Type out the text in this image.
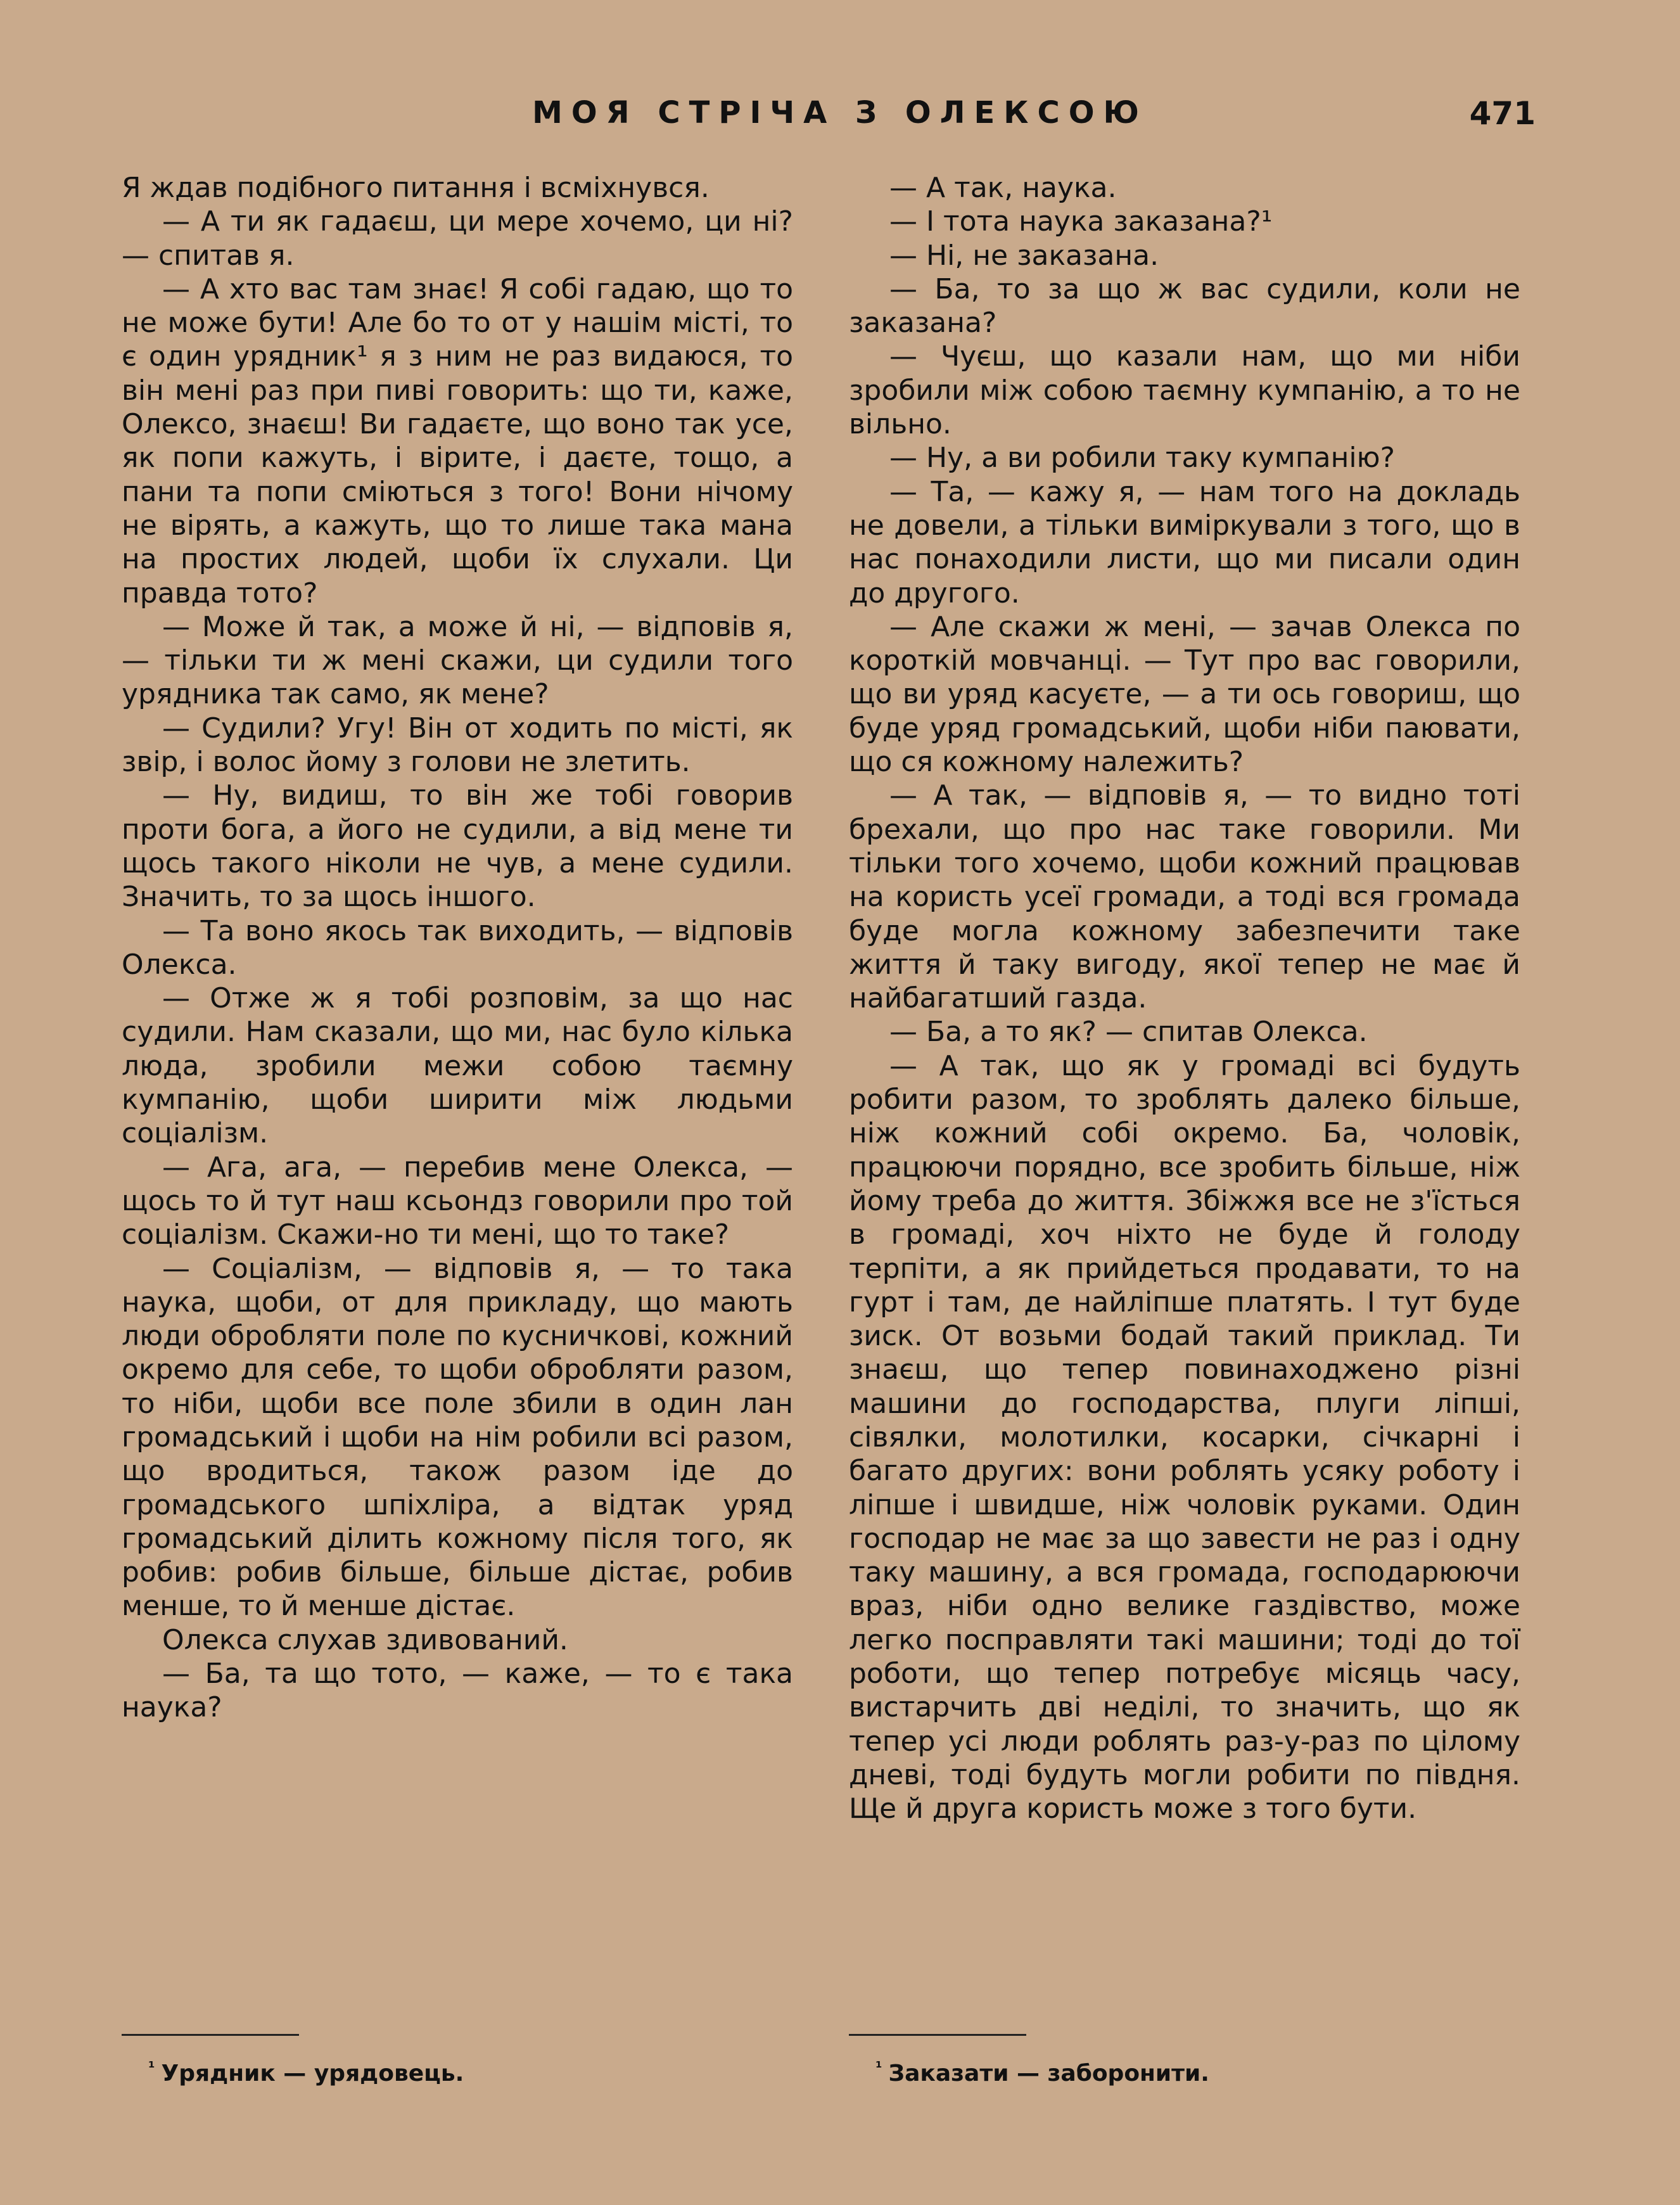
МОЯ СТРІЧА З ОЛЕКСОЮ	471

Я ждав подібного питання і всміхнувся.

— А ти як гадаєш, ци мере хочемо, ци ні? — спитав я.

— А хто вас там знає! Я собі гадаю, що то не може бути! Але бо то от у нашім місті, то є один урядник¹ я з ним не раз видаюся, то він мені раз при пиві говорить: що ти, каже, Олексо, знаєш! Ви гадаєте, що воно так усе, як попи кажуть, і вірите, і даєте, тощо, а пани та попи сміються з того! Вони нічому не вірять, а кажуть, що то лише така мана на простих людей, щоби їх слухали. Ци правда тото?

— Може й так, а може й ні, — відповів я, — тільки ти ж мені скажи, ци судили того урядника так само, як мене?

— Судили? Угу! Він от ходить по місті, як звір, і волос йому з голови не злетить.

— Ну, видиш, то він же тобі говорив проти бога, а його не судили, а від мене ти щось такого ніколи не чув, а мене судили. Значить, то за щось іншого.

— Та воно якось так виходить, — відповів Олекса.

— Отже ж я тобі розповім, за що нас судили. Нам сказали, що ми, нас було кілька люда, зробили межи собою таємну кумпанію, щоби ширити між людьми соціалізм.

— Ага, ага, — перебив мене Олекса, — щось то й тут наш ксьондз говорили про той соціалізм. Скажи-но ти мені, що то таке?

— Соціалізм, — відповів я, — то така наука, щоби, от для прикладу, що мають люди обробляти поле по кусничкові, кожний окремо для себе, то щоби обробляти разом, то ніби, щоби все поле збили в один лан громадський і щоби на нім робили всі разом, що вродиться, також разом іде до громадського шпіхліра, а відтак уряд громадський ділить кожному після того, як робив: робив більше, більше дістає, робив менше, то й менше дістає.

Олекса слухав здивований.

— Ба, та що тото, — каже, — то є така наука?

— А так, наука.

— І тота наука заказана?¹

— Ні, не заказана.

— Ба, то за що ж вас судили, коли не заказана?

— Чуєш, що казали нам, що ми ніби зробили між собою таємну кумпанію, а то не вільно.

— Ну, а ви робили таку кумпанію?

— Та, — кажу я, — нам того на докладь не довели, а тільки виміркували з того, що в нас понаходили листи, що ми писали один до другого.

— Але скажи ж мені, — зачав Олекса по короткій мовчанці. — Тут про вас говорили, що ви уряд касуєте, — а ти ось говориш, що буде уряд громадський, щоби ніби паювати, що ся кожному належить?

— А так, — відповів я, — то видно тоті брехали, що про нас таке говорили. Ми тільки того хочемо, щоби кожний працював на користь усеї громади, а тоді вся громада буде могла кожному забезпечити таке життя й таку вигоду, якої тепер не має й найбагатший газда.

— Ба, а то як? — спитав Олекса.

— А так, що як у громаді всі будуть робити разом, то зроблять далеко більше, ніж кожний собі окремо. Ба, чоловік, працюючи порядно, все зробить більше, ніж йому треба до життя. Збіжжя все не з'їсться в громаді, хоч ніхто не буде й голоду терпіти, а як прийдеться продавати, то на гурт і там, де найліпше платять. І тут буде зиск. От возьми бодай такий приклад. Ти знаєш, що тепер повинаходжено різні машини до господарства, плуги ліпші, сівялки, молотилки, косарки, січкарні і багато других: вони роблять усяку роботу і ліпше і швидше, ніж чоловік руками. Один господар не має за що завести не раз і одну таку машину, а вся громада, господарюючи враз, ніби одно велике газдівство, може легко посправляти такі машини; тоді до тої роботи, що тепер потребує місяць часу, вистарчить дві неділі, то значить, що як тепер усі люди роблять раз-у-раз по цілому дневі, тоді будуть могли робити по півдня. Ще й друга користь може з того бути.

$^{^1}$ Урядник — урядовець.	$^{^1}$ Заказати — заборонити.
